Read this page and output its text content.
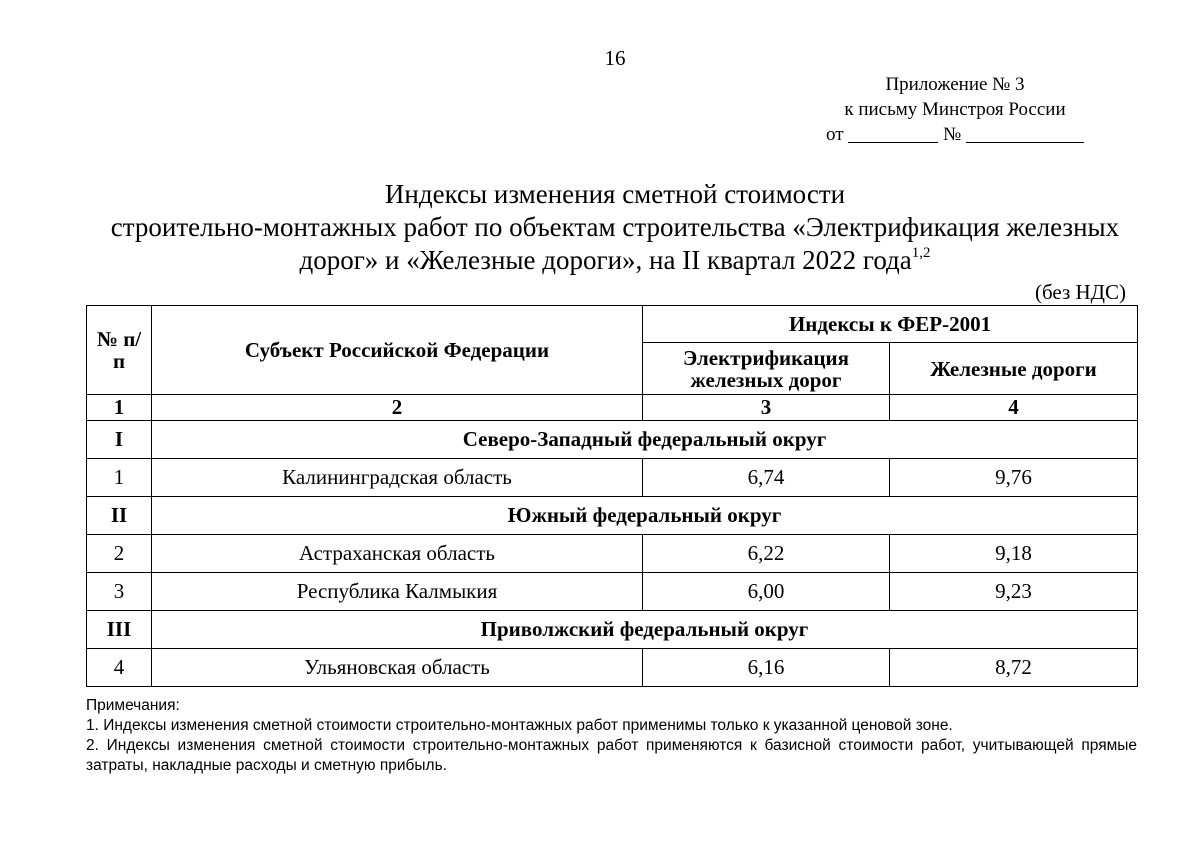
16
Приложение № 3
к письму Минстроя России
от	№
Индексы изменения сметной стоимости
строительно-монтажных работ по объектам строительства «Электрификация железных
дорог» и «Железные дороги», на II квартал 2022 года$^{1,2}$
(без НДС)
№ п/п	Субъект Российской Федерации	Индексы к ФЕР-2001	
		Электрификация железных дорог	Железные дороги
1	2	3	4
I	Северо-Западный федеральный округ		
1	Калининградская область	6,74	9,76
II	Южный федеральный округ		
2	Астраханская область	6,22	9,18
3	Республика Калмыкия	6,00	9,23
III	Приволжский федеральный округ		
4	Ульяновская область	6,16	8,72

Примечания:

1. Индексы изменения сметной стоимости строительно-монтажных работ применимы только к указанной ценовой зоне.

2. Индексы изменения сметной стоимости строительно-монтажных работ применяются к базисной стоимости работ, учитывающей прямые затраты, накладные расходы и сметную прибыль.
